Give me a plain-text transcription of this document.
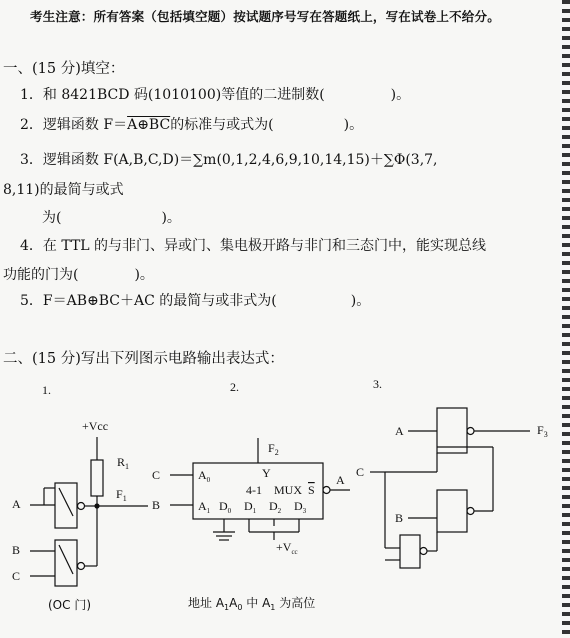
考生注意：所有答案（包括填空题）按试题序号写在答题纸上，写在试卷上不给分。
一、(15 分)填空：
1．和 8421BCD 码(1010100)等值的二进制数(	)。
2．逻辑函数 F＝A⊕BC的标准与或式为(	)。
3．逻辑函数 F(A,B,C,D)＝∑m(0,1,2,4,6,9,10,14,15)＋∑Φ(3,7,
8,11)的最简与或式
为(	)。
4．在 TTL 的与非门、异或门、集电极开路与非门和三态门中，能实现总线
功能的门为(	)。
5．F＝AB⊕BC＋AC 的最简与或非式为(	)。
二、(15 分)写出下列图示电路输出表达式：
1.
+Vcc
$R_1$
$F_1$
A
B
C
(OC 门)
2.
$F_2$
Y
C
B
$A_0$
$A_1$
4-1　MUX S
A
$D_0$ $D_1$ $D_2$ $D_3$
$+V_{cc}$
地址 $A_1A_0$ 中 $A_1$ 为高位
3.
$F_3$
A
B
C
